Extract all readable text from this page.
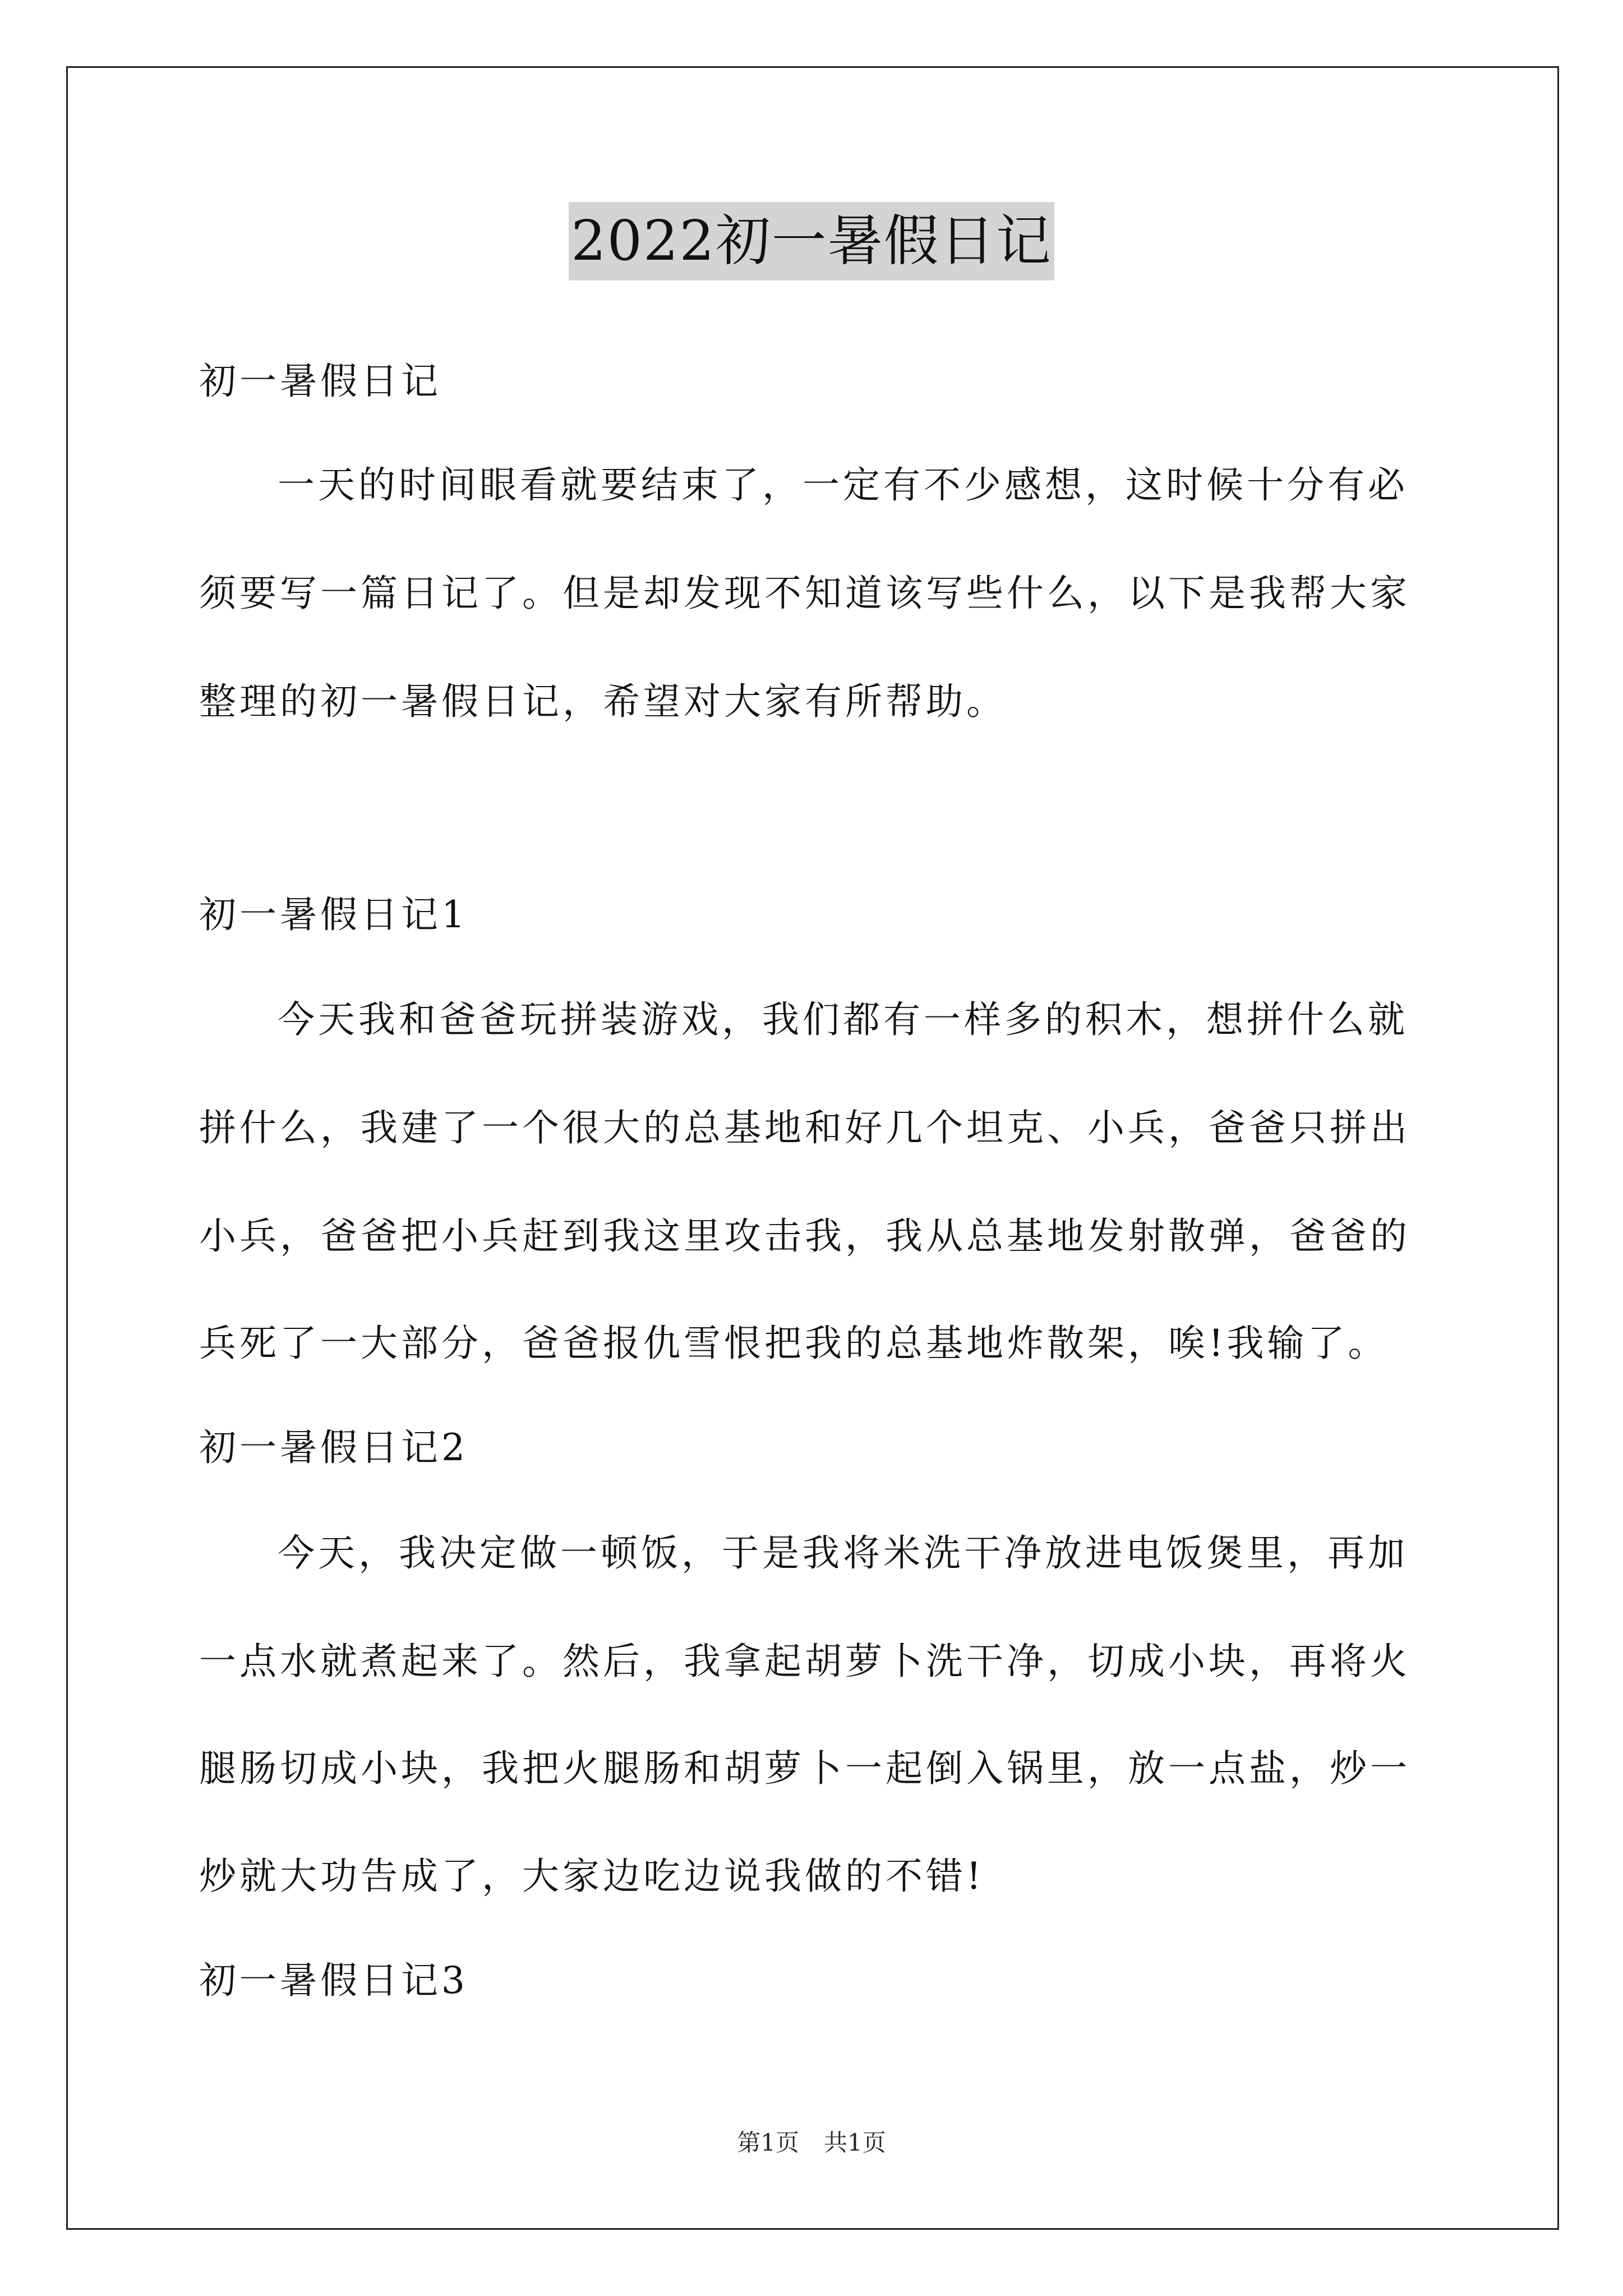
2022初一暑假日记
初一暑假日记
一天的时间眼看就要结束了，一定有不少感想，这时候十分有必
须要写一篇日记了。但是却发现不知道该写些什么，以下是我帮大家
整理的初一暑假日记，希望对大家有所帮助。
初一暑假日记1
今天我和爸爸玩拼装游戏，我们都有一样多的积木，想拼什么就
拼什么，我建了一个很大的总基地和好几个坦克、小兵，爸爸只拼出
小兵，爸爸把小兵赶到我这里攻击我，我从总基地发射散弹，爸爸的
兵死了一大部分，爸爸报仇雪恨把我的总基地炸散架，唉!我输了。
初一暑假日记2
今天，我决定做一顿饭，于是我将米洗干净放进电饭煲里，再加
一点水就煮起来了。然后，我拿起胡萝卜洗干净，切成小块，再将火
腿肠切成小块，我把火腿肠和胡萝卜一起倒入锅里，放一点盐，炒一
炒就大功告成了，大家边吃边说我做的不错!
初一暑假日记3
第1页 共1页
